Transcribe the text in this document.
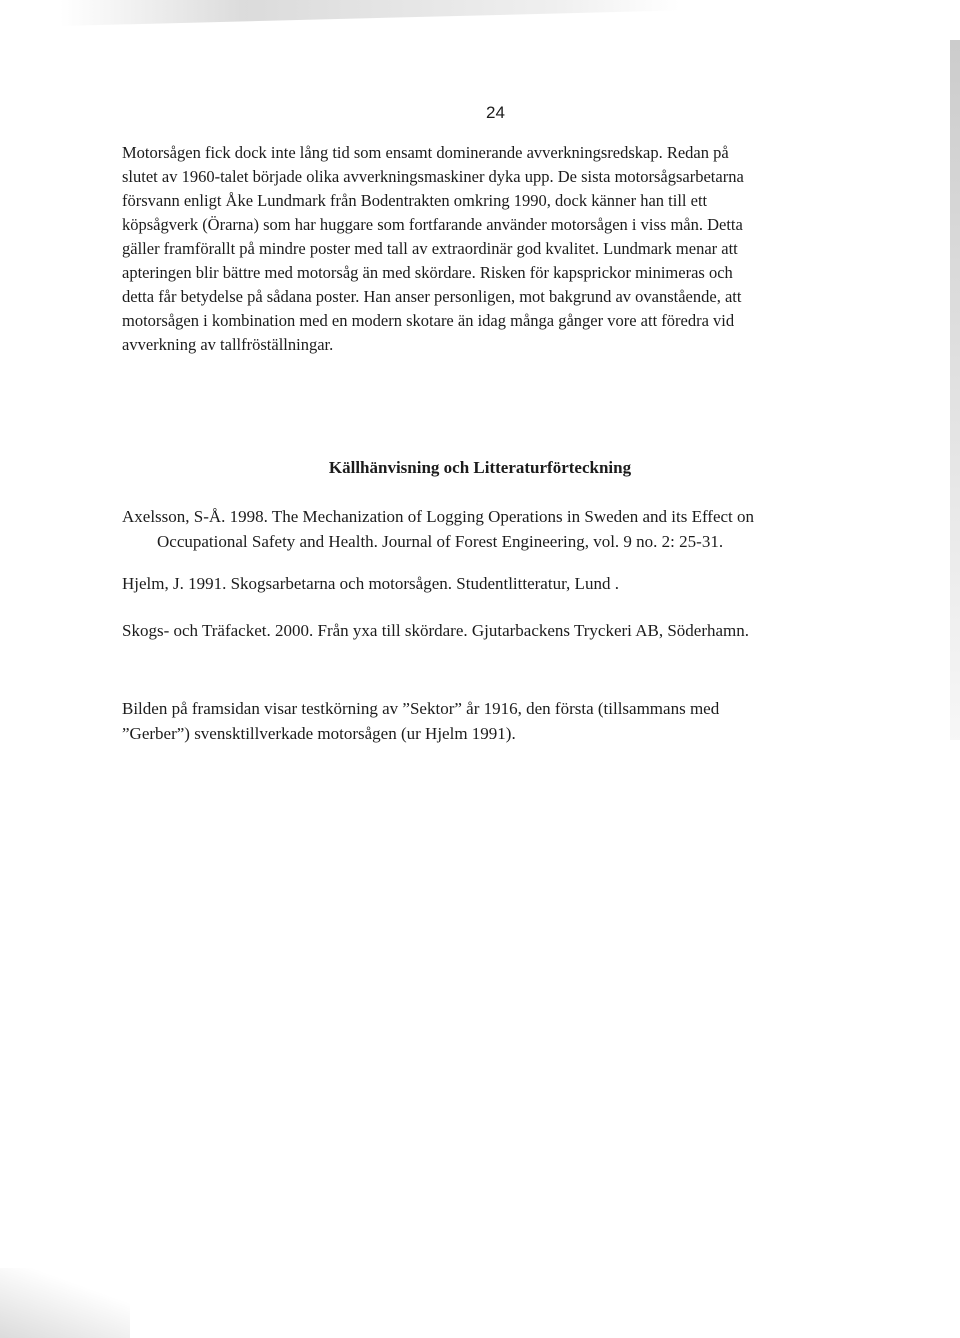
24
Motorsågen fick dock inte lång tid som ensamt dominerande avverkningsredskap. Redan på
slutet av 1960-talet började olika avverkningsmaskiner dyka upp. De sista motorsågsarbetarna
försvann enligt Åke Lundmark från Bodentrakten omkring 1990, dock känner han till ett
köpsågverk (Örarna) som har huggare som fortfarande använder motorsågen i viss mån. Detta
gäller framförallt på mindre poster med tall av extraordinär god kvalitet. Lundmark menar att
apteringen blir bättre med motorsåg än med skördare. Risken för kapsprickor minimeras och
detta får betydelse på sådana poster. Han anser personligen, mot bakgrund av ovanstående, att
motorsågen i kombination med en modern skotare än idag många gånger vore att föredra vid
avverkning av tallfröställningar.
Källhänvisning och Litteraturförteckning
Axelsson, S-Å. 1998. The Mechanization of Logging Operations in Sweden and its Effect on
Occupational Safety and Health. Journal of Forest Engineering, vol. 9 no. 2: 25-31.
Hjelm, J. 1991. Skogsarbetarna och motorsågen. Studentlitteratur, Lund .
Skogs- och Träfacket. 2000. Från yxa till skördare. Gjutarbackens Tryckeri AB, Söderhamn.
Bilden på framsidan visar testkörning av ”Sektor” år 1916, den första (tillsammans med
”Gerber”) svensktillverkade motorsågen (ur Hjelm 1991).
